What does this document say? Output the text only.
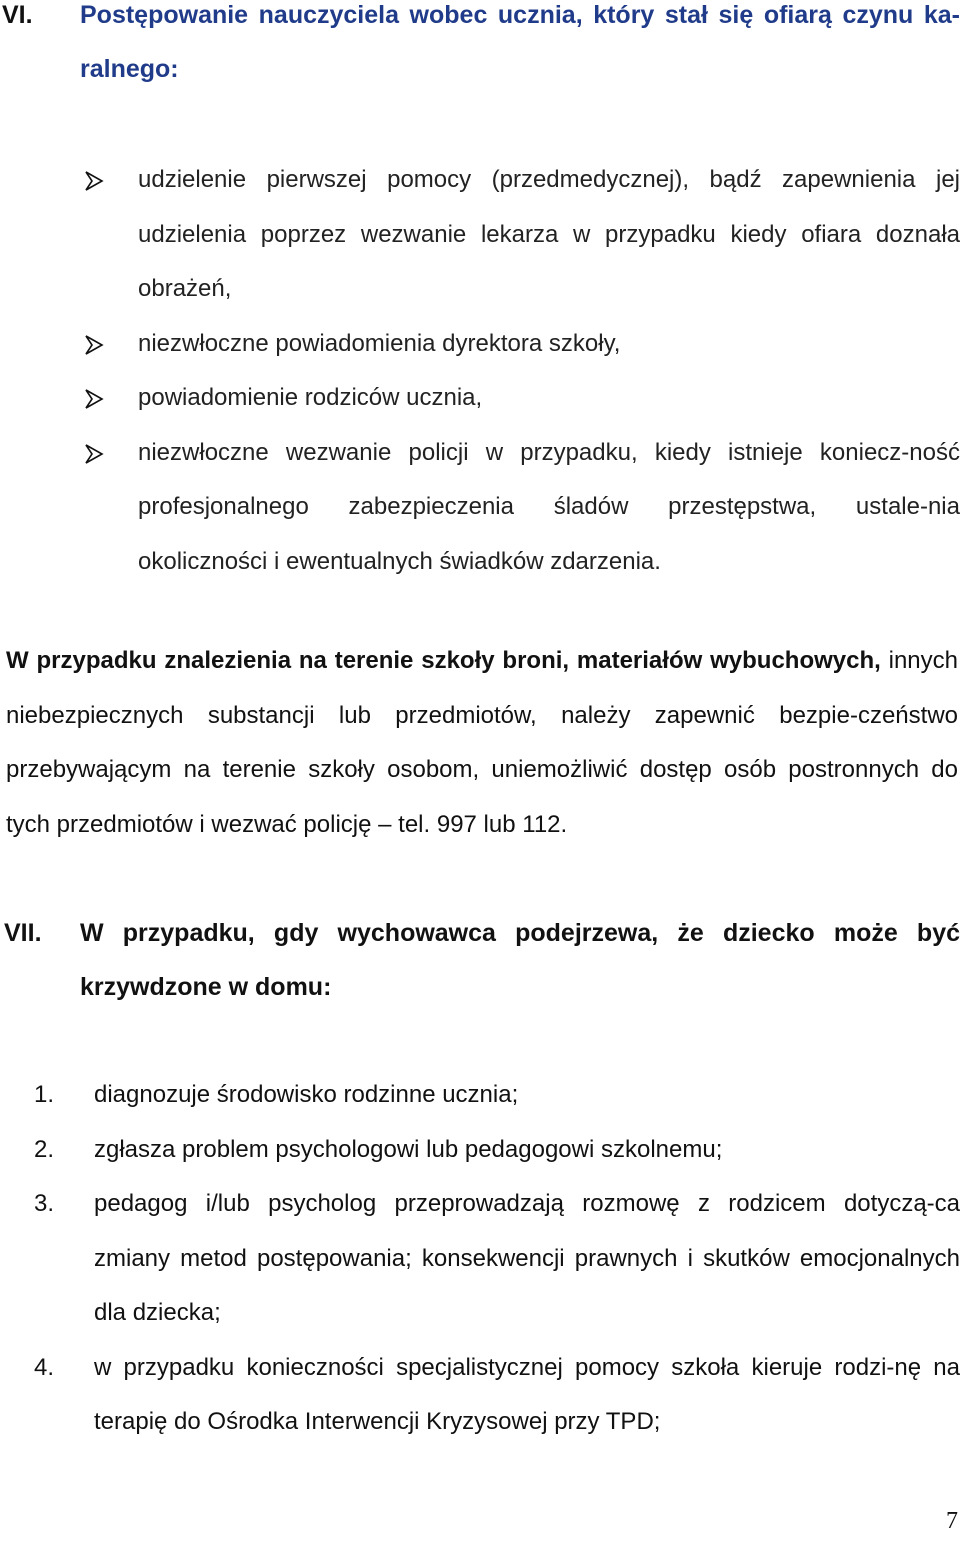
VI. Postępowanie nauczyciela wobec ucznia, który stał się ofiarą czynu ka-ralnego:
udzielenie pierwszej pomocy (przedmedycznej), bądź zapewnienia jej udzielenia poprzez wezwanie lekarza w przypadku kiedy ofiara doznała obrażeń,
niezwłoczne powiadomienia dyrektora szkoły,
powiadomienie rodziców ucznia,
niezwłoczne wezwanie policji w przypadku, kiedy istnieje koniecz-ność profesjonalnego zabezpieczenia śladów przestępstwa, ustale-nia okoliczności i ewentualnych świadków zdarzenia.

W przypadku znalezienia na terenie szkoły broni, materiałów wybuchowych, innych niebezpiecznych substancji lub przedmiotów, należy zapewnić bezpie-czeństwo przebywającym na terenie szkoły osobom, uniemożliwić dostęp osób postronnych do tych przedmiotów i wezwać policję – tel. 997 lub 112.

VII. W przypadku, gdy wychowawca podejrzewa, że dziecko może być krzywdzone w domu:
1. diagnozuje środowisko rodzinne ucznia;
2. zgłasza problem psychologowi lub pedagogowi szkolnemu;
3. pedagog i/lub psycholog przeprowadzają rozmowę z rodzicem dotyczą-ca zmiany metod postępowania; konsekwencji prawnych i skutków emocjonalnych dla dziecka;
4. w przypadku konieczności specjalistycznej pomocy szkoła kieruje rodzi-nę na terapię do Ośrodka Interwencji Kryzysowej przy TPD;
7
